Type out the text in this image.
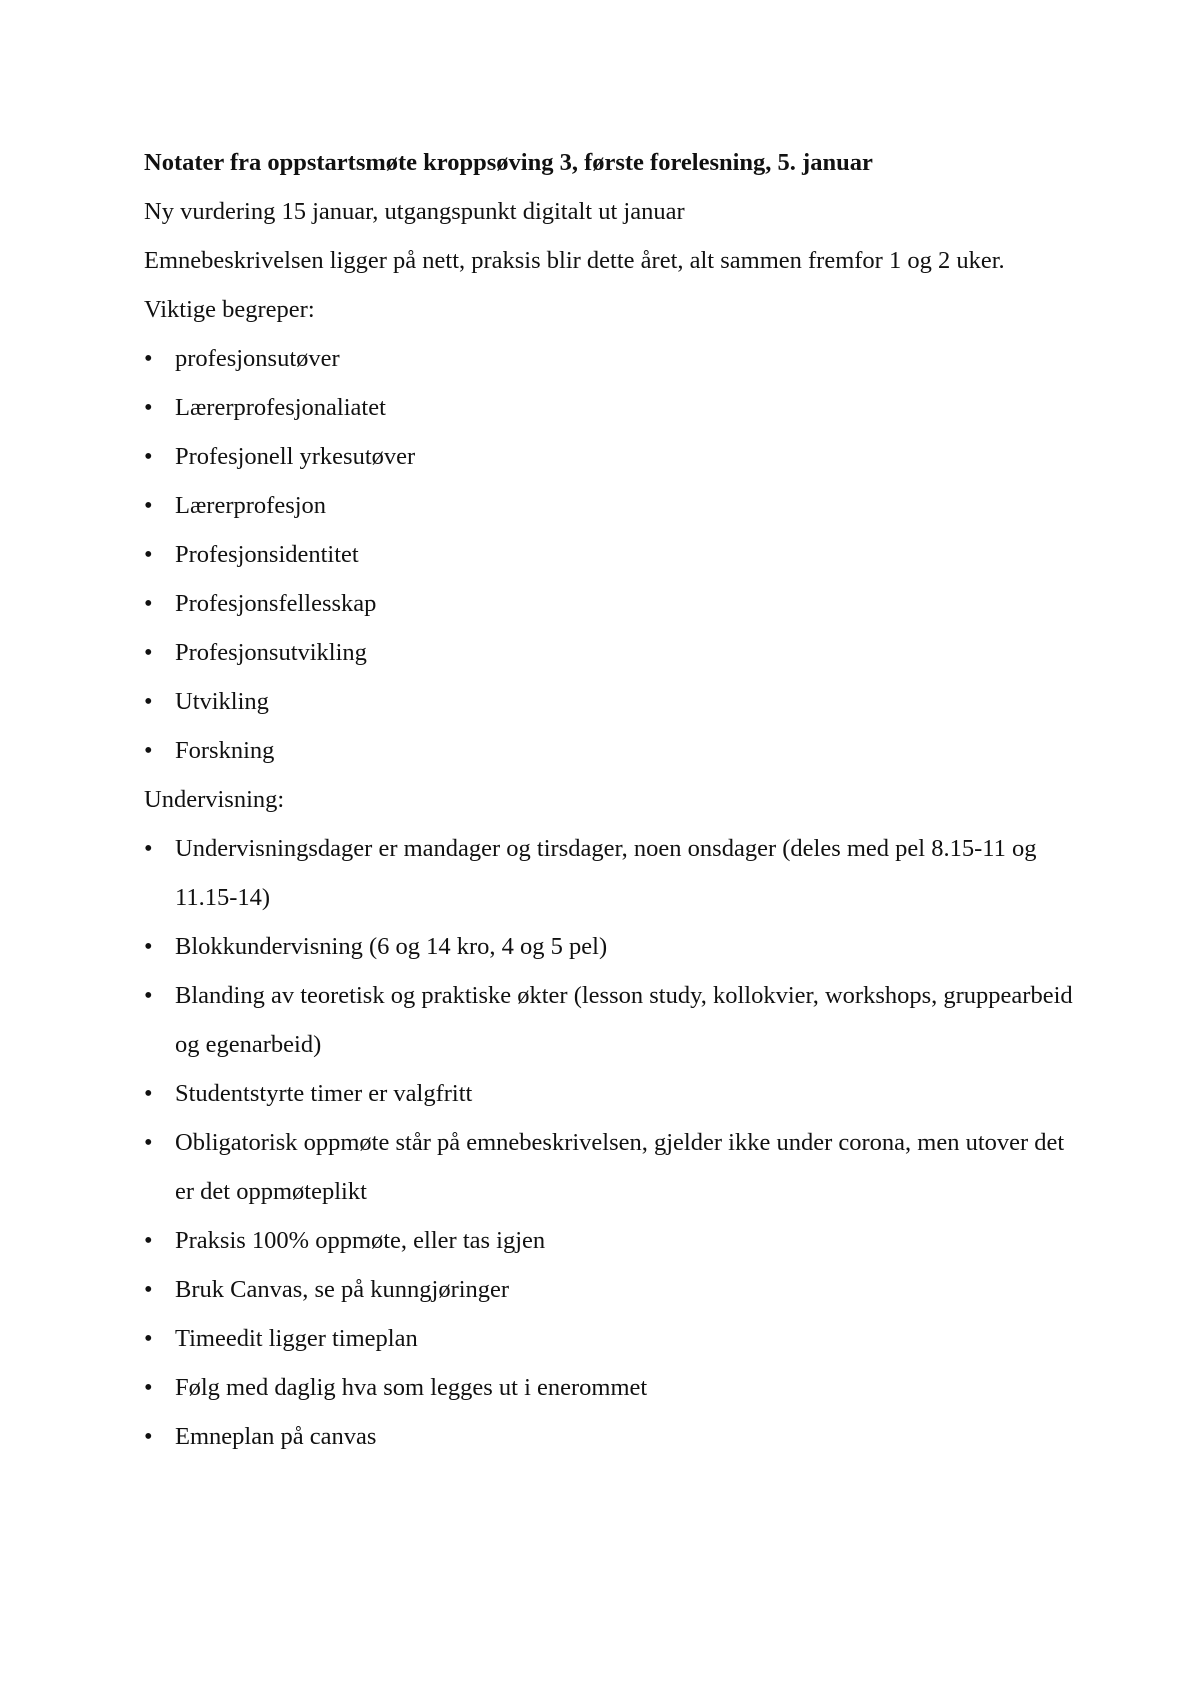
Notater fra oppstartsmøte kroppsøving 3, første forelesning, 5. januar

Ny vurdering 15 januar, utgangspunkt digitalt ut januar

Emnebeskrivelsen ligger på nett, praksis blir dette året, alt sammen fremfor 1 og 2 uker.

Viktige begreper:

• profesjonsutøver
• Lærerprofesjonaliatet
• Profesjonell yrkesutøver
• Lærerprofesjon
• Profesjonsidentitet
• Profesjonsfellesskap
• Profesjonsutvikling
• Utvikling
• Forskning

Undervisning:

• Undervisningsdager er mandager og tirsdager, noen onsdager (deles med pel 8.15-11 og 11.15-14)
• Blokkundervisning (6 og 14 kro, 4 og 5 pel)
• Blanding av teoretisk og praktiske økter (lesson study, kollokvier, workshops, gruppearbeid og egenarbeid)
• Studentstyrte timer er valgfritt
• Obligatorisk oppmøte står på emnebeskrivelsen, gjelder ikke under corona, men utover det er det oppmøteplikt
• Praksis 100% oppmøte, eller tas igjen
• Bruk Canvas, se på kunngjøringer
• Timeedit ligger timeplan
• Følg med daglig hva som legges ut i enerommet
• Emneplan på canvas
